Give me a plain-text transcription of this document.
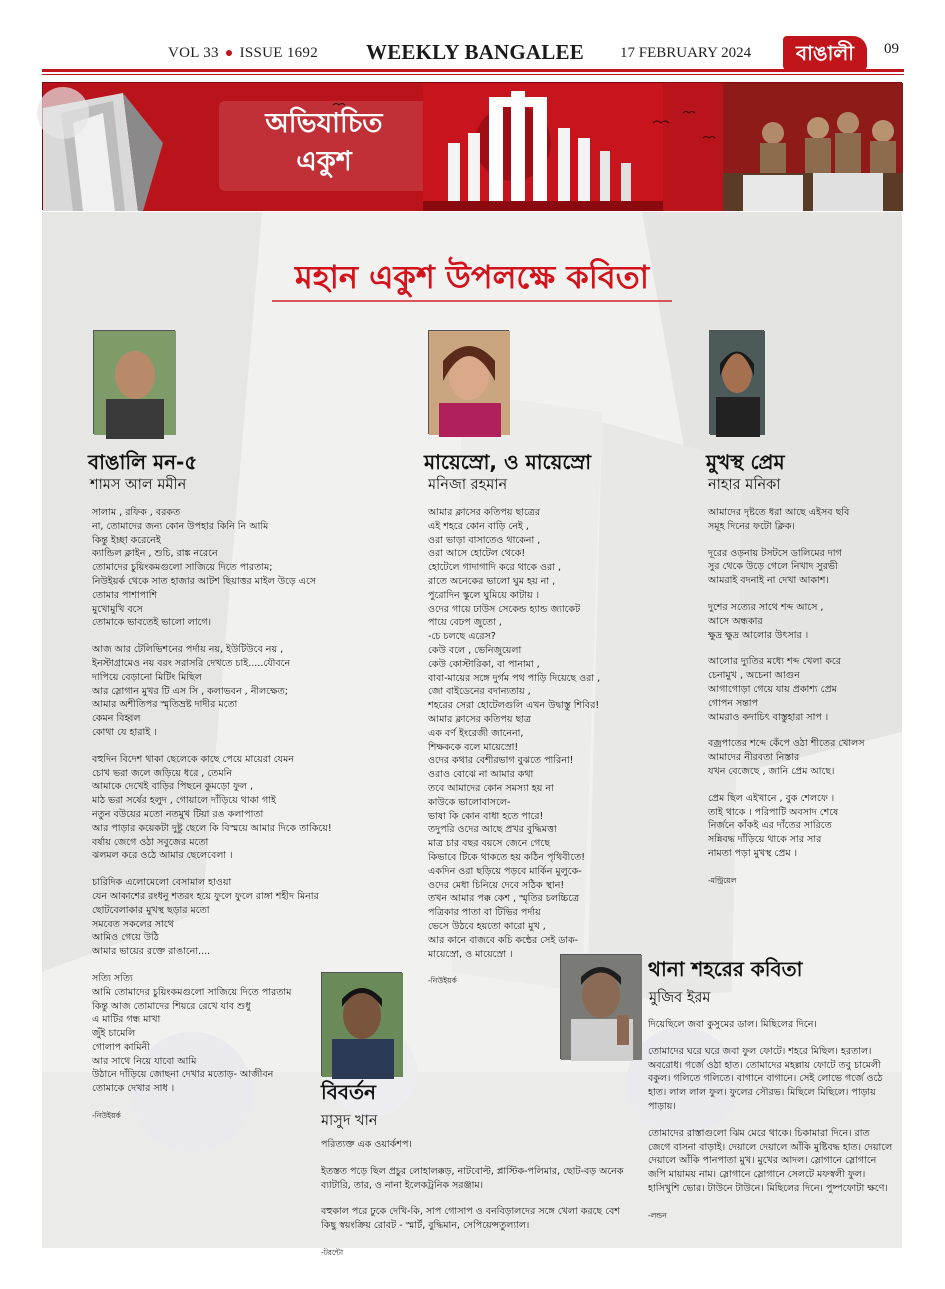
VOL 33 ● ISSUE 1692 WEEKLY BANGALEE 17 FEBRUARY 2024	বাঙালী	09
অভিযাচিত
একুশ
মহান একুশ উপলক্ষে কবিতা
বাঙালি মন-৫
শামস আল মমীন
সালাম , রফিক , বরকত
না, তোমাদের জন্য কোন উপহার কিনি নি আমি
কিন্তু ইচ্ছা করেনেই
ক্যান্ডিল ক্লাইন , শুচি, রাঙ্ক নরেনে
তোমাদের চুয়িংকমগুলো সাজিয়ে দিতে পারতাম;
নিউইয়র্ক থেকে সাত হাজার আটশ ছিয়াত্তর মাইল উড়ে এসে
তোমার পাশাপাশি
মুখোমুখি বসে
তোমাকে ভাবতেই ভালো লাগে।
আজ আর টেলিভিশনের পর্দায় নয়, ইউটিউবে নয় ,
ইনস্টাগ্রামেও নয় বরং সরাসরি দেখতে চাই.....যৌবনে
দাপিয়ে বেড়ানো মিটিং মিছিল
আর স্লোগান মুখর টি এস সি , কলাভবন , নীলক্ষেত;
আমার অশীতিপর স্মৃতিভ্রষ্ট দাদীর মতো
কেমন বিহ্বল
কোথা যে হারাই ।
বহুদিন বিদেশ থাকা ছেলেকে কাছে পেয়ে মায়েরা যেমন
চোখ ভরা জলে জড়িয়ে ধরে , তেমনি
আমাকে দেখেই বাড়ির পিছনে কুমড়ো ফুল ,
মাঠ ভরা সর্ষের হলুদ , গোয়ালে দাঁড়িয়ে থাকা গাই
নতুন বউয়ের মতো নতমুখ টিয়া রঙ কলাপাতা
আর পাড়ার কয়েকটা দুষ্টু ছেলে কি বিস্ময়ে আমার দিকে তাকিয়ে!
বর্ষায় জেগে ওঠা সবুজের মতো
ঝলমল করে ওঠে আমার ছেলেবেলা ।
চারিদিক এলোমেলো বেসামাল হাওয়া
যেন আকাশের রংধনু শতরং হয়ে ফুলে ফুলে রাঙ্গা শহীদ মিনার
ছোটবেলাকার মুখস্থ ছড়ার মতো
সমবেত সকলের সাথে
আমিও গেয়ে উঠি
আমার ভায়ের রক্তে রাঙানো....
সত্যি সত্যি
আমি তোমাদের চুয়িংকমগুলো সাজিয়ে দিতে পারতাম
কিন্তু আজ তোমাদের শিয়রে রেখে যাব শুধু
এ মাটির গন্ধ মাখা
জুঁই চামেলি
গোলাপ কামিনী
আর সাথে নিয়ে যাবো আমি
উঠানে দাঁড়িয়ে জোছনা দেখার মতোড়- আজীবন
তোমাকে দেখার সাধ ।
-নিউইয়র্ক
মায়েস্রো, ও মায়েস্রো
মনিজা রহমান
আমার ক্লাসের কতিপয় ছাত্রের
এই শহরে কোন বাড়ি নেই ,
ওরা ভাড়া বাসাতেও থাকেনা ,
ওরা আসে হোটেল থেকে!
হোটেলে গাদাগাদি করে থাকে ওরা ,
রাতে অনেকের ভালো ঘুম হয় না ,
পুরোদিন স্কুলে ঘুমিয়ে কাটায় ।
ওদের গায়ে ঢাউস সেকেন্ড হ্যান্ড জ্যাকেট
পায়ে বেঢপ জুতো ,
-চে চলছে এরেস?
কেউ বলে , ভেনিজুয়েলা
কেউ কোস্টারিকা, বা পানামা ,
বাবা-মায়ের সঙ্গে দুর্গম পথ পাড়ি দিয়েছে ওরা ,
জো বাইডেনের বদান্যতায় ,
শহরের সেরা হোটেলগুলি এখন উদ্বাস্তু শিবির!
আমার ক্লাসের কতিপয় ছাত্র
এক বর্ণ ইংরেজী জানেনা,
শিক্ষককে বলে মায়েস্রো!
ওদের কথার বেশীরভাগ বুঝতে পারিনা!
ওরাও বোঝে না আমার কথা
তবে আমাদের কোন সমস্যা হয় না
কাউকে ভালোবাসলে-
ভাষা কি কোন বাধা হতে পারে!
তদুপরি ওদের আছে প্রখর বুদ্ধিমত্তা
মাত্র চার বছর বয়সে জেনে গেছে
কিভাবে টিকে থাকতে হয় কঠিন পৃথিবীতে!
একদিন ওরা ছড়িয়ে পড়বে মার্কিন মুলুকে-
ওদের মেধা চিনিয়ে দেবে সঠিক স্থান!
তখন আমার পক্ক কেশ , স্মৃতির চলচ্চিত্রে
পত্রিকার পাতা বা টিভির পর্দায়
ভেসে উঠবে হয়তো কারো মুখ ,
আর কানে বাজবে কচি কন্ঠের সেই ডাক-
মায়েস্রো, ও মায়েস্রো ।
-নিউইয়র্ক
মুখস্থ প্রেম
নাহার মনিকা
আমাদের দৃষ্টতে ধরা আছে এইসব ছবি
সমূহ দিনের ফটো ক্লিক।
দূরের ওড়নায় টসটসে ডালিমের দাগ
সুর থেকে উড়ে গেলে নিখাদ সুরভী
আমরাই বদনাই না দেখা আকাশ।
দুশের সত্যের সাথে শব্দ আসে ,
আসে অন্ধকার
ক্ষুদ্র ক্ষুদ্র আলোর উৎসার ।
আলোর দ্যুতির মধ্যে শব্দ খেলা করে
চেনামুখ , অচেনা আগুন
আগাগোড়া গেয়ে যায় প্রকাশ্য প্রেম
গোপন সন্তাপ
আমরাও কদাচিৎ বাস্তুহারা সাপ ।
বজ্রপাতের শব্দে কেঁপে ওঠা শীতের খোলস
আমাদের নীরবতা নিস্তার
যখন বেজেছে , জানি প্রেম আছে।
প্রেম ছিল এইখানে , বুক শেলফে ।
তাই থাকে । পরিপাটি অবসাদ শেষে
নির্জনে কাঁকই এর দাঁতের সারিতে
সন্নিবদ্ধ দাঁড়িয়ে থাকে সার সার
নামতা পড়া মুখস্থ প্রেম ।
-মন্ট্রিয়েল
থানা শহরের কবিতা
মুজিব ইরম
দিয়েছিলে জবা কুসুমের ডাল। মিছিলের দিনে।
তোমাদের ঘরে ঘরে জবা ফুল ফোটে। শহরে মিছিল। হরতাল। অবরোধ। গর্জে ওঠা হাত। তোমাদের মহল্লায় ফোটে তবু চামেলী বকুল। গলিতে গলিতে। বাগানে বাগানে। সেই লোভে গর্জে ওঠে হাত। লাল লাল ফুল। ফুলের সৌরভ। মিছিলে মিছিলে। পাড়ায় পাড়ায়।
তোমাদের রাস্তাগুলো ঝিম মেরে থাকে। চিকামারা দিনে। রাত জেগে বাসনা বাড়াই। দেয়ালে দেয়ালে আঁকি মুষ্টিবদ্ধ হাত। দেয়ালে দেয়ালে আঁকি পানপাতা মুখ। মুখের আদল। স্লোগানে স্লোগানে জপি মায়াময় নাম। স্লোগানে স্লোগানে সেলটে মফস্বলী ফুল। হাসিখুশি ভোর। টাউনে টাউনে। মিছিলের দিনে। পুষ্পফোটা ক্ষণে।
-লন্ডন
বিবর্তন
মাসুদ খান
পরিত্যক্ত এক ওয়ার্কশপ।
ইতস্তত পড়ে ছিল প্রচুর লোহালক্কড়, নাটবোল্ট, প্লাস্টিক-পলিমার, ছোট-বড় অনেক ব্যাটারি, তার, ও নানা ইলেকট্রনিক সরঞ্জাম।
বহুকাল পরে ঢুকে দেখি-কি, সাপ গোসাপ ও বনবিড়ালদের সঙ্গে খেলা করছে বেশ কিছু স্বয়ংক্রিয় রোবট - স্মার্ট, বুদ্ধিমান, সেপিয়েন্সতুল্যাল।
-টরন্টো
